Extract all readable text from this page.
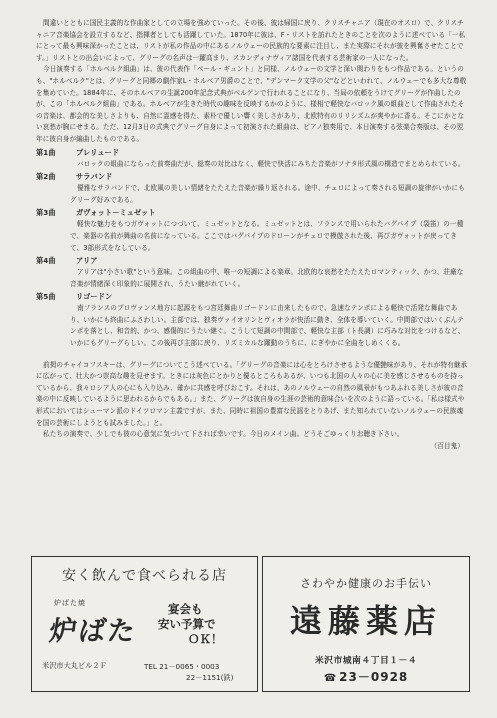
間違いとともに国民主義的な作曲家としての立場を強めていった。その後、彼は帰国に戻り、クリスチャニア（現在のオスロ）で、クリスチャニア音楽協会を設立するなど、指揮者としても活躍していた。1870年に彼は、F・リストを訪れたときのことを次のように述べている「一私にとって最も興味深かったことは、リストが私の作品の中にあるノルウェーの民族的な要素に注目し、また実際にそれが彼を興奮させたことです。」リストとの出会いによって、グリーグの名声は一躍高まり、スカンディナヴィア諸国を代表する芸術家の一人になった。

今日演奏する「ホルベルク組曲」は、彼の代表作「ペール・ギュント」と同様、ノルウェーの文学と深い関わりをもつ作品である。というのも、"ホルベルク"とは、グリーグと同郷の劇作家L・ホルベア男爵のことで、"デンマーク文学の父"などといわれて、ノルウェーでも多大な尊敬を集めていた。1884年に、そのホルベアの生誕200年記念式典がベルゲンで行われることになり、当局の依頼をうけてグリーグが作曲したのが、この「ホルベルク組曲」である。ホルベアが生きた時代の趣味を反映するかのように、様相で軽快なバロック風の組曲として作曲されたその音楽は、都会的な美しさよりも、自然に霊感を得た、素朴で優しい響く美しさがあり、北欧特有のリリシズムが爽やかに香る。そこにかとない哀愁が胸にせまる。ただ、12月3日の式典でグリーグ自身によって初演された組曲は、ピアノ独奏用で、本日演奏する弦楽合奏版は、その翌年に彼自身が編曲したものである。

第1曲	プレリュード
バロックの組曲にならった前奏曲だが、総奏の対比はなく、軽快で快活にみちた音楽がソナタ形式風の構造でまとめられている。
第2曲	サラバンド
優雅なサラバンドで、北欧風の美しい情緒をたたえた音楽が繰り返される。途中、チェロによって奏される短調の旋律がいかにもグリーグ好みである。
第3曲	ガヴォット－ミュゼット
軽快な魅力をもつガヴォットにつづいて、ミュゼットとなる。ミュゼットとは、フランスで用いられたバグパイプ（袋笛）の一種で、楽器の名前が舞曲の名前になっている。ここではバグパイプのドローンがチェロで模倣された後、再びガヴォットが戻ってきて、3部形式をなしている。
第4曲	アリア
アリアは"小さい歌"という意味。この組曲の中、唯一の短調による楽章。北欧的な哀愁をたたえたロマンティック、かつ、荘厳な音楽が情緒深く印象的に展開され、うたい継がれていく。
第5曲	リゴードン
南フランスのプロヴァンス地方に起源をもつ宮廷舞曲リゴードンに由来したもので、急速なテンポによる軽快で活発な舞曲であり、いかにも終曲にふさわしい。主部では、独奏ヴァイオリンとヴィオラが快活に動き、全体を導いていく。中間部ではいくぶんテンポを落とし、和音的、かつ、感傷的にうたい継ぐ。こうして短調の中間部で、軽快な主部（ト長調）に巧みな対比をつけるなど、いかにもグリーグらしい。この後再び主部に戻り、リズミカルな躍動のうちに、にぎやかに全曲をしめくくる。

前掲のチャイコフスキーは、グリーグについてこう述べている。「グリーグの音楽には心をとろけさせるような優艶味があり、それが特有継承に広がって、壮大かつ崇高な趣を見せます。ときには灰色にとかりと優るところもあるが、いつも北国の人々の心に美を感じさせるものを持っているから、我々ロシア人の心にも入り込み、確かに共感を呼びおこす。それは、あのノルウェーの自然の風景がもつあふれる美しさが彼の音楽の中に反映しているように思われるからでもある。」また、グリーグは彼自身の生涯の芸術的意味合いを次のように語っている。「私は様式や形式においてはシューマン派のドイツロマン主義ですが、また、同時に祖国の豊富な民謡をとりあげ、また知られていないノルウェーの民族魂を国の芸術にしようとも試みました。」と。

私たちの演奏で、少しでも彼の心意気に気づいて下されば幸いです。今日のメイン曲。どうそごゆっくりお聴き下さい。

（百目鬼）
安く飲んで食べられる店
炉ばた焼
炉ばた
宴会も
安い予算で
ＯＫ！
米沢市大丸ビル２Ｆ	TEL 21－0065・0003
22－1151(鉄)
さわやか健康のお手伝い
遠藤薬店
米沢市城南４丁目１－４
☎ 23－0928
